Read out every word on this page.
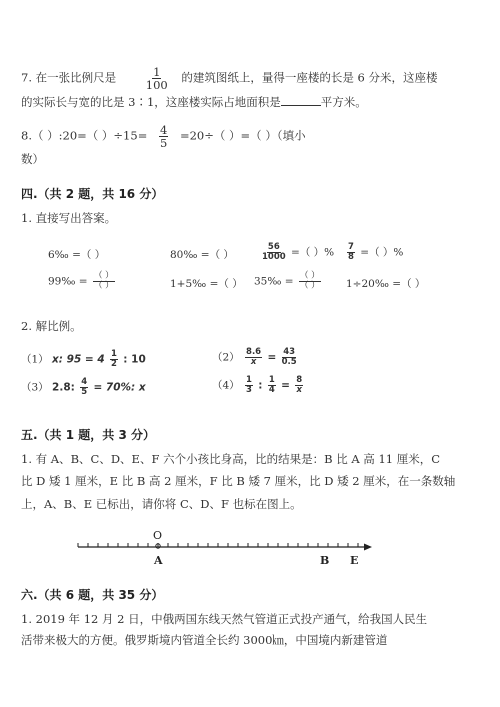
7. 在一张比例尺是	$\frac{1}{100}$ 的建筑图纸上，量得一座楼的长是 6 分米，这座楼
的实际长与宽的比是 3∶1，这座楼实际占地面积是	平方米。
8.（ ）:20=（ ）$\div 15= \frac{4}{5} =20\div$（ ）=（ ）（填小
数）
四.（共 2 题，共 16 分）
1. 直接写出答案。
6‰ =（ ）	80‰ =（ ）	$\frac{56}{1000}$ =（ ）% $\frac{7}{8}$ =（ ）%
99‰ = $\frac{( )}{( )}$	1+5‰ =（ ） 35‰ = $\frac{( )}{( )}$ 1÷20‰ =（ ）
2. 解比例。
（1） x: $95 = 4 \frac{1}{2}$ : 10	$(2) \frac{8.6}{x} = \frac{43}{0.5}$
（3） 2.8: $\frac{4}{5} = 70\%$: x	$(4) \frac{1}{3}$ : $\frac{1}{4} = \frac{8}{x}$
五.（共 1 题，共 3 分）
1. 有 A、B、C、D、E、F 六个小孩比身高，比的结果是：B 比 A 高 11 厘米，C
比 D 矮 1 厘米，E 比 B 高 2 厘米，F 比 B 矮 7 厘米，比 D 矮 2 厘米，在一条数轴
上，A、B、E 已标出，请你将 C、D、F 也标在图上。
O
A	B E
六.（共 6 题，共 35 分）
1. 2019 年 12 月 2 日，中俄两国东线天然气管道正式投产通气，给我国人民生
活带来极大的方便。俄罗斯境内管道全长约 3000㎞，中国境内新建管道
